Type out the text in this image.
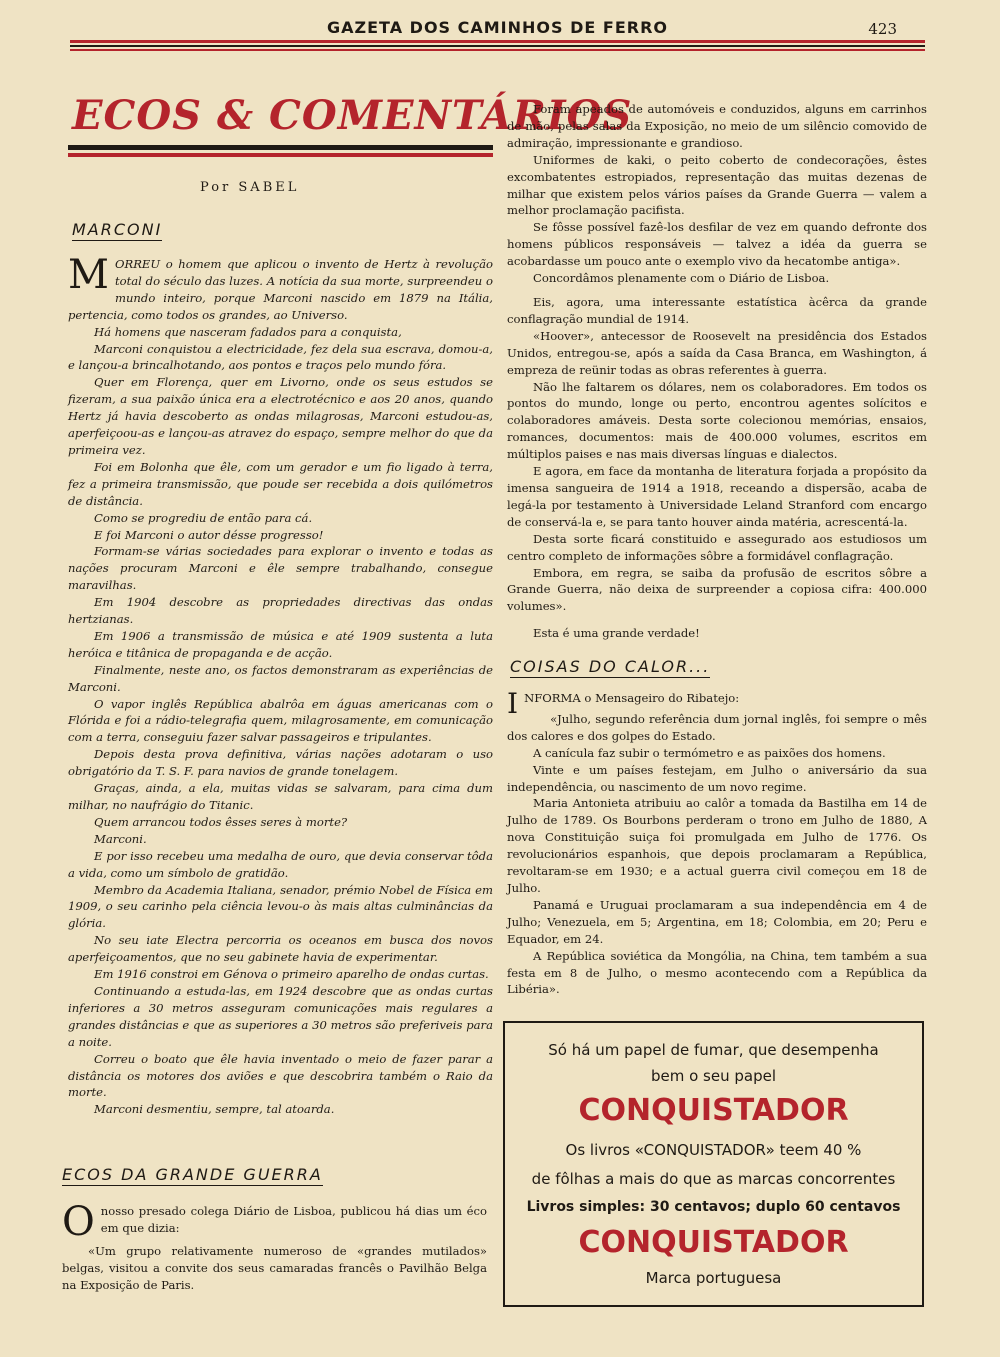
GAZETA DOS CAMINHOS DE FERRO	423
ECOS & COMENTÁRIOS
Por SABEL
MARCONI

MORREU o homem que aplicou o invento de Hertz à revolução total do século das luzes. A notícia da sua morte, surpreendeu o mundo inteiro, porque Marconi nascido em 1879 na Itália, pertencia, como todos os grandes, ao Universo.

Há homens que nasceram fadados para a conquista,

Marconi conquistou a electricidade, fez dela sua escrava, domou-a, e lançou-a brincalhotando, aos pontos e traços pelo mundo fóra.

Quer em Florença, quer em Livorno, onde os seus estudos se fizeram, a sua paixão única era a electrotécnico e aos 20 anos, quando Hertz já havia descoberto as ondas milagrosas, Marconi estudou-as, aperfeiçoou-as e lançou-as atravez do espaço, sempre melhor do que da primeira vez.

Foi em Bolonha que êle, com um gerador e um fio ligado à terra, fez a primeira transmissão, que poude ser recebida a dois quilómetros de distância.

Como se progrediu de então para cá.

E foi Marconi o autor désse progresso!

Formam-se várias sociedades para explorar o invento e todas as nações procuram Marconi e êle sempre trabalhando, consegue maravilhas.

Em 1904 descobre as propriedades directivas das ondas hertzianas.

Em 1906 a transmissão de música e até 1909 sustenta a luta heróica e titânica de propaganda e de acção.

Finalmente, neste ano, os factos demonstraram as experiências de Marconi.

O vapor inglês República abalrôa em águas americanas com o Flórida e foi a rádio-telegrafia quem, milagrosamente, em comunicação com a terra, conseguiu fazer salvar passageiros e tripulantes.

Depois desta prova definitiva, várias nações adotaram o uso obrigatório da T. S. F. para navios de grande tonelagem.

Graças, ainda, a ela, muitas vidas se salvaram, para cima dum milhar, no naufrágio do Titanic.

Quem arrancou todos êsses seres à morte?

Marconi.

E por isso recebeu uma medalha de ouro, que devia conservar tôda a vida, como um símbolo de gratidão.

Membro da Academia Italiana, senador, prémio Nobel de Física em 1909, o seu carinho pela ciência levou-o às mais altas culminâncias da glória.

No seu iate Electra percorria os oceanos em busca dos novos aperfeiçoamentos, que no seu gabinete havia de experimentar.

Em 1916 constroi em Génova o primeiro aparelho de ondas curtas.

Continuando a estuda-las, em 1924 descobre que as ondas curtas inferiores a 30 metros asseguram comunicações mais regulares a grandes distâncias e que as superiores a 30 metros são preferiveis para a noite.

Correu o boato que êle havia inventado o meio de fazer parar a distância os motores dos aviões e que descobrira também o Raio da morte.

Marconi desmentiu, sempre, tal atoarda.

ECOS DA GRANDE GUERRA

Onosso presado colega Diário de Lisboa, publicou há dias um éco em que dizia:

«Um grupo relativamente numeroso de «grandes mutilados» belgas, visitou a convite dos seus camaradas francês o Pavilhão Belga na Exposição de Paris.

Foram apeados de automóveis e conduzidos, alguns em carrinhos de mão, pelas salas da Exposição, no meio de um silêncio comovido de admiração, impressionante e grandioso.

Uniformes de kaki, o peito coberto de condecorações, êstes excombatentes estropiados, representação das muitas dezenas de milhar que existem pelos vários países da Grande Guerra — valem a melhor proclamação pacifista.

Se fôsse possível fazê-los desfilar de vez em quando defronte dos homens públicos responsáveis — talvez a idéa da guerra se acobardasse um pouco ante o exemplo vivo da hecatombe antiga».

Concordâmos plenamente com o Diário de Lisboa.

Eis, agora, uma interessante estatística àcêrca da grande conflagração mundial de 1914.

«Hoover», antecessor de Roosevelt na presidência dos Estados Unidos, entregou-se, após a saída da Casa Branca, em Washington, á empreza de reünir todas as obras referentes à guerra.

Não lhe faltarem os dólares, nem os colaboradores. Em todos os pontos do mundo, longe ou perto, encontrou agentes solícitos e colaboradores amáveis. Desta sorte colecionou memórias, ensaios, romances, documentos: mais de 400.000 volumes, escritos em múltiplos paises e nas mais diversas línguas e dialectos.

E agora, em face da montanha de literatura forjada a propósito da imensa sangueira de 1914 a 1918, receando a dispersão, acaba de legá-la por testamento à Universidade Leland Stranford com encargo de conservá-la e, se para tanto houver ainda matéria, acrescentá-la.

Desta sorte ficará constituido e assegurado aos estudiosos um centro completo de informações sôbre a formidável conflagração.

Embora, em regra, se saiba da profusão de escritos sôbre a Grande Guerra, não deixa de surpreender a copiosa cifra: 400.000 volumes».

Esta é uma grande verdade!

COISAS DO CALOR...

INFORMA o Mensageiro do Ribatejo:

«Julho, segundo referência dum jornal inglês, foi sempre o mês dos calores e dos golpes do Estado.

A canícula faz subir o termómetro e as paixões dos homens.

Vinte e um países festejam, em Julho o aniversário da sua independência, ou nascimento de um novo regime.

Maria Antonieta atribuiu ao calôr a tomada da Bastilha em 14 de Julho de 1789. Os Bourbons perderam o trono em Julho de 1880, A nova Constituição suiça foi promulgada em Julho de 1776. Os revolucionários espanhois, que depois proclamaram a República, revoltaram-se em 1930; e a actual guerra civil começou em 18 de Julho.

Panamá e Uruguai proclamaram a sua independência em 4 de Julho; Venezuela, em 5; Argentina, em 18; Colombia, em 20; Peru e Equador, em 24.

A República soviética da Mongólia, na China, tem também a sua festa em 8 de Julho, o mesmo acontecendo com a República da Libéria».

Só há um papel de fumar, que desempenha
bem o seu papel
CONQUISTADOR
Os livros «CONQUISTADOR» teem 40 %
de fôlhas a mais do que as marcas concorrentes
Livros simples: 30 centavos; duplo 60 centavos
CONQUISTADOR
Marca portuguesa
